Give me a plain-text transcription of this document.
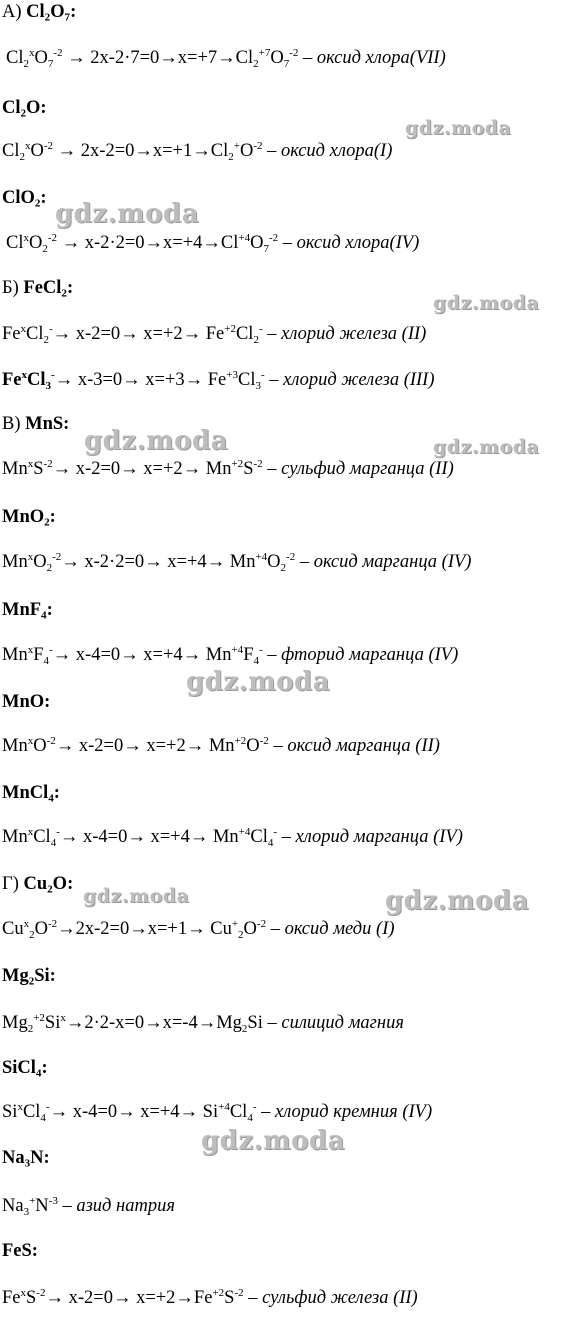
А) Cl₂O₇:
$Cl_2^xO_7^{-2} \to 2x-2\cdot 7=0\to x=+7\to Cl_2^{+7}O_7^{-2}$ – оксид хлора(VII)
Cl₂O:
$Cl_2^xO^{-2} \to 2x-2=0\to x=+1\to Cl_2^+O^{-2}$ – оксид хлора(I)
ClO₂:
$Cl^xO_2^{-2} \to x-2\cdot 2=0\to x=+4\to Cl^{+4}O_7^{-2}$ – оксид хлора(IV)
Б) FeCl₂:
$Fe^xCl_2^-\to x-2=0\to x=+2\to Fe^{+2}Cl_2^-$ – хлорид железа (II)
$Fe^xCl_3^-\to x-3=0\to x=+3\to Fe^{+3}Cl_3^-$ – хлорид железа (III)
В) MnS:
$Mn^xS^{-2}\to x-2=0\to x=+2\to Mn^{+2}S^{-2}$ – сульфид марганца (II)
MnO₂:
$Mn^xO_2^{-2}\to x-2\cdot 2=0\to x=+4\to Mn^{+4}O_2^{-2}$ – оксид марганца (IV)
MnF₄:
$Mn^xF_4^-\to x-4=0\to x=+4\to Mn^{+4}F_4^-$ – фторид марганца (IV)
MnO:
$Mn^xO^{-2}\to x-2=0\to x=+2\to Mn^{+2}O^{-2}$ – оксид марганца (II)
MnCl₄:
$Mn^xCl_4^-\to x-4=0\to x=+4\to Mn^{+4}Cl_4^-$ – хлорид марганца (IV)
Г) Cu₂O:
$Cu^x_2O^{-2}\to 2x-2=0\to x=+1\to Cu^+_2O^{-2}$ – оксид меди (I)
Mg₂Si:
$Mg_2^{+2}Si^x\to 2\cdot 2-x=0\to x=-4\to Mg_2Si$ – силицид магния
SiCl₄:
$Si^xCl_4^-\to x-4=0\to x=+4\to Si^{+4}Cl_4^-$ – хлорид кремния (IV)
Na₃N:
$Na_3^+N^{-3}$ – азид натрия
FeS:
$Fe^xS^{-2}\to x-2=0\to x=+2\to Fe^{+2}S^{-2}$ – сульфид железа (II)
gdz.moda
gdz.moda
gdz.moda
gdz.moda	gdz.moda
gdz.moda
gdz.moda	gdz.moda
gdz.moda
